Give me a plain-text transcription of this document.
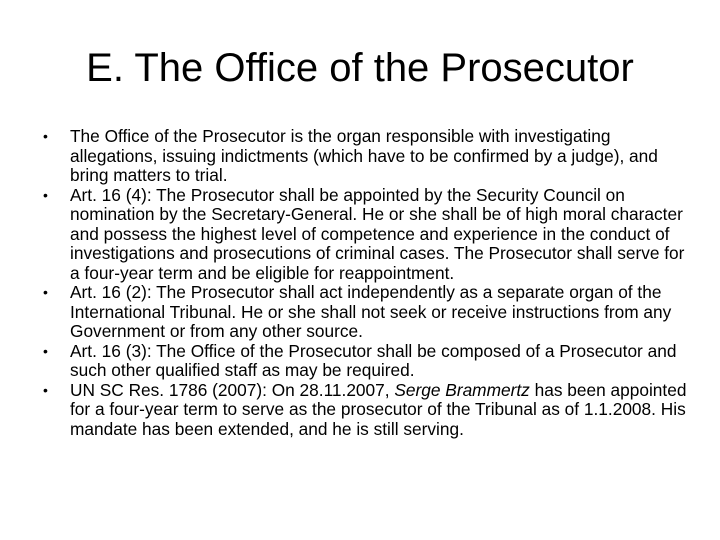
E. The Office of the Prosecutor
• The Office of the Prosecutor is the organ responsible with investigating allegations, issuing indictments (which have to be confirmed by a judge), and bring matters to trial.
• Art. 16 (4): The Prosecutor shall be appointed by the Security Council on nomination by the Secretary-General. He or she shall be of high moral character and possess the highest level of competence and experience in the conduct of investigations and prosecutions of criminal cases. The Prosecutor shall serve for a four-year term and be eligible for reappointment.
• Art. 16 (2): The Prosecutor shall act independently as a separate organ of the International Tribunal. He or she shall not seek or receive instructions from any Government or from any other source.
• Art. 16 (3): The Office of the Prosecutor shall be composed of a Prosecutor and such other qualified staff as may be required.
• UN SC Res. 1786 (2007): On 28.11.2007, Serge Brammertz has been appointed for a four-year term to serve as the prosecutor of the Tribunal as of 1.1.2008. His mandate has been extended, and he is still serving.
